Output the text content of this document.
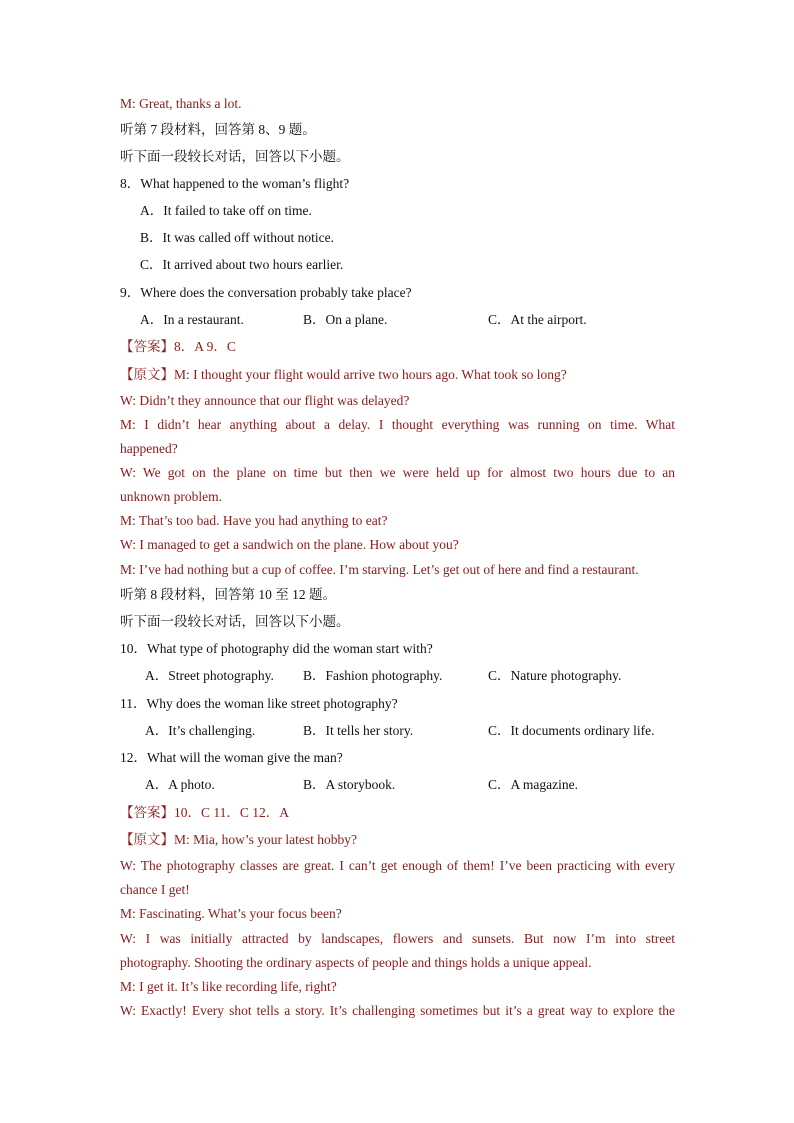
M: Great, thanks a lot.
听第 7 段材料，回答第 8、9 题。
听下面一段较长对话，回答以下小题。
8．What happened to the woman’s flight?
A．It failed to take off on time.
B．It was called off without notice.
C．It arrived about two hours earlier.
9．Where does the conversation probably take place?
A．In a restaurant.	B．On a plane.	C．At the airport.
【答案】8．A 9．C
【原文】M: I thought your flight would arrive two hours ago. What took so long?
W: Didn’t they announce that our flight was delayed?
M: I didn’t hear anything about a delay. I thought everything was running on time. What
happened?
W: We got on the plane on time but then we were held up for almost two hours due to an
unknown problem.
M: That’s too bad. Have you had anything to eat?
W: I managed to get a sandwich on the plane. How about you?
M: I’ve had nothing but a cup of coffee. I’m starving. Let’s get out of here and find a restaurant.
听第 8 段材料，回答第 10 至 12 题。
听下面一段较长对话，回答以下小题。
10．What type of photography did the woman start with?
A．Street photography. B．Fashion photography.	C．Nature photography.
11．Why does the woman like street photography?
A．It’s challenging.	B．It tells her story.	C．It documents ordinary life.
12．What will the woman give the man?
A．A photo.	B．A storybook.	C．A magazine.
【答案】10．C 11．C 12．A
【原文】M: Mia, how’s your latest hobby?
W: The photography classes are great. I can’t get enough of them! I’ve been practicing with every
chance I get!
M: Fascinating. What’s your focus been?
W: I was initially attracted by landscapes, flowers and sunsets. But now I’m into street
photography. Shooting the ordinary aspects of people and things holds a unique appeal.
M: I get it. It’s like recording life, right?
W: Exactly! Every shot tells a story. It’s challenging sometimes but it’s a great way to explore the
